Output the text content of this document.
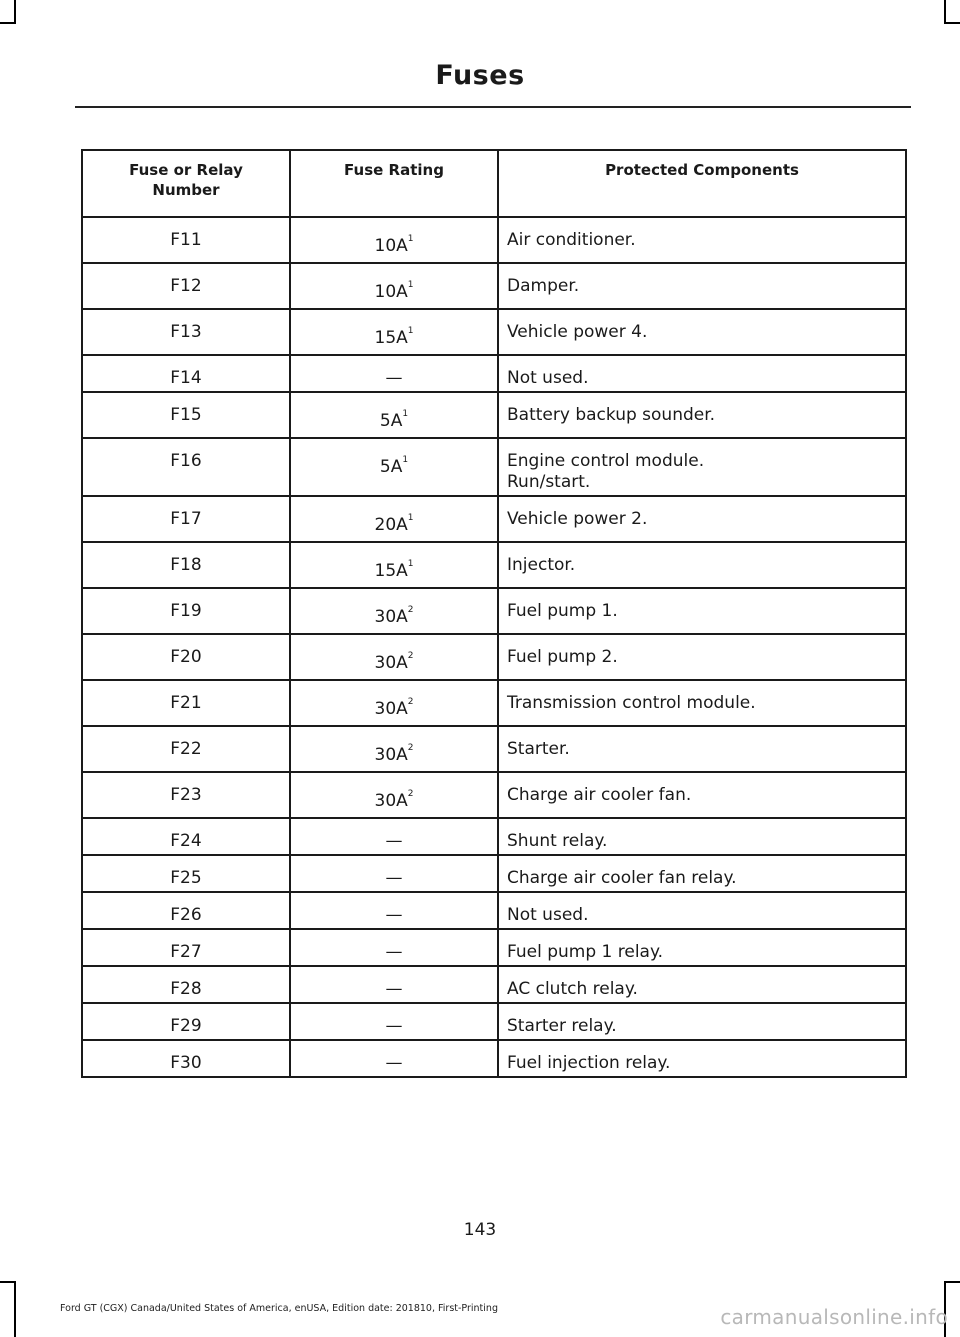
Fuses
Fuse or Relay Number	Fuse Rating	Protected Components
F11	10A$^1$	Air conditioner.

F12	10A$^1$	Damper.

F13	15A$^1$	Vehicle power 4.

F14	—	Not used.

F15	5A$^1$	Battery backup sounder.

F16	5A$^1$	Engine control module.
Run/start.

F17	20A$^1$	Vehicle power 2.

F18	15A$^1$	Injector.

F19	30A$^2$	Fuel pump 1.

F20	30A$^2$	Fuel pump 2.

F21	30A$^2$	Transmission control module.

F22	30A$^2$	Starter.

F23	30A$^2$	Charge air cooler fan.

F24	—	Shunt relay.

F25	—	Charge air cooler fan relay.

F26	—	Not used.

F27	—	Fuel pump 1 relay.

F28	—	AC clutch relay.

F29	—	Starter relay.

F30	—	Fuel injection relay.
143
Ford GT (CGX) Canada/United States of America, enUSA, Edition date: 201810, First-Printing	carmanualsonline.info
